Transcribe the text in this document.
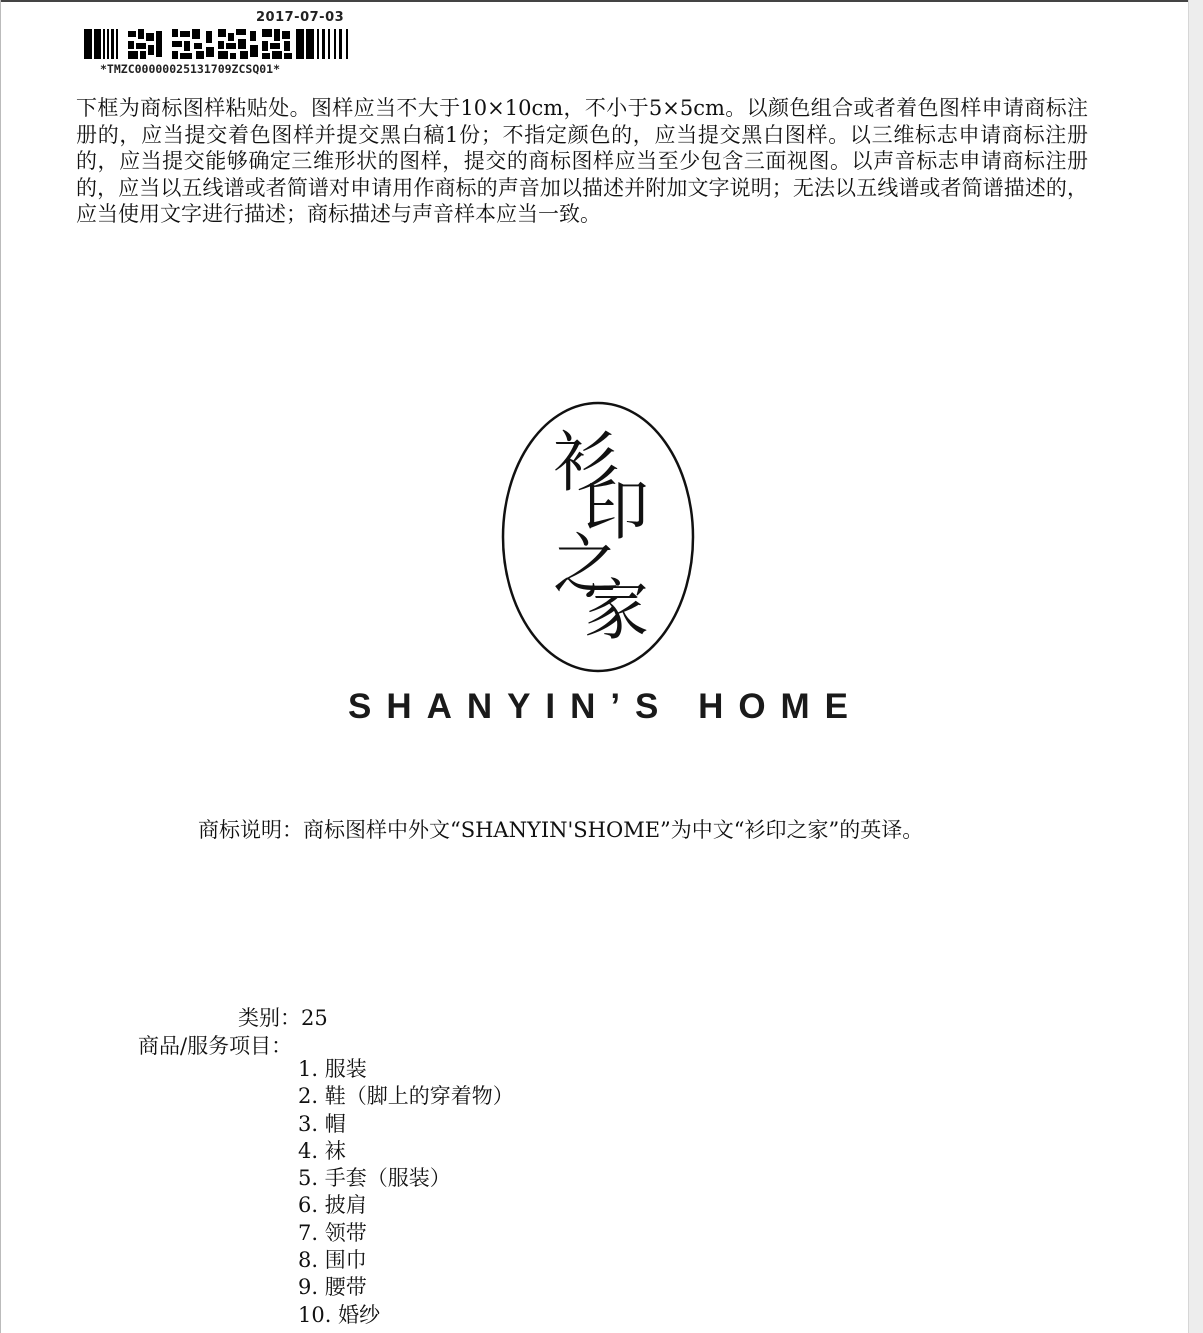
2017-07-03
*TMZC00000025131709ZCSQ01*

下框为商标图样粘贴处。图样应当不大于10×10cm，不小于5×5cm。以颜色组合或者着色图样申请商标注册的，应当提交着色图样并提交黑白稿1份；不指定颜色的，应当提交黑白图样。以三维标志申请商标注册的，应当提交能够确定三维形状的图样，提交的商标图样应当至少包含三面视图。以声音标志申请商标注册的，应当以五线谱或者简谱对申请用作商标的声音加以描述并附加文字说明；无法以五线谱或者简谱描述的，应当使用文字进行描述；商标描述与声音样本应当一致。

衫
印
之
家
SHANYIN’S HOME
商标说明：商标图样中外文“SHANYIN'SHOME”为中文“衫印之家”的英译。
类别：25
商品/服务项目：
1. 服装
2. 鞋（脚上的穿着物）
3. 帽
4. 袜
5. 手套（服装）
6. 披肩
7. 领带
8. 围巾
9. 腰带
10. 婚纱
